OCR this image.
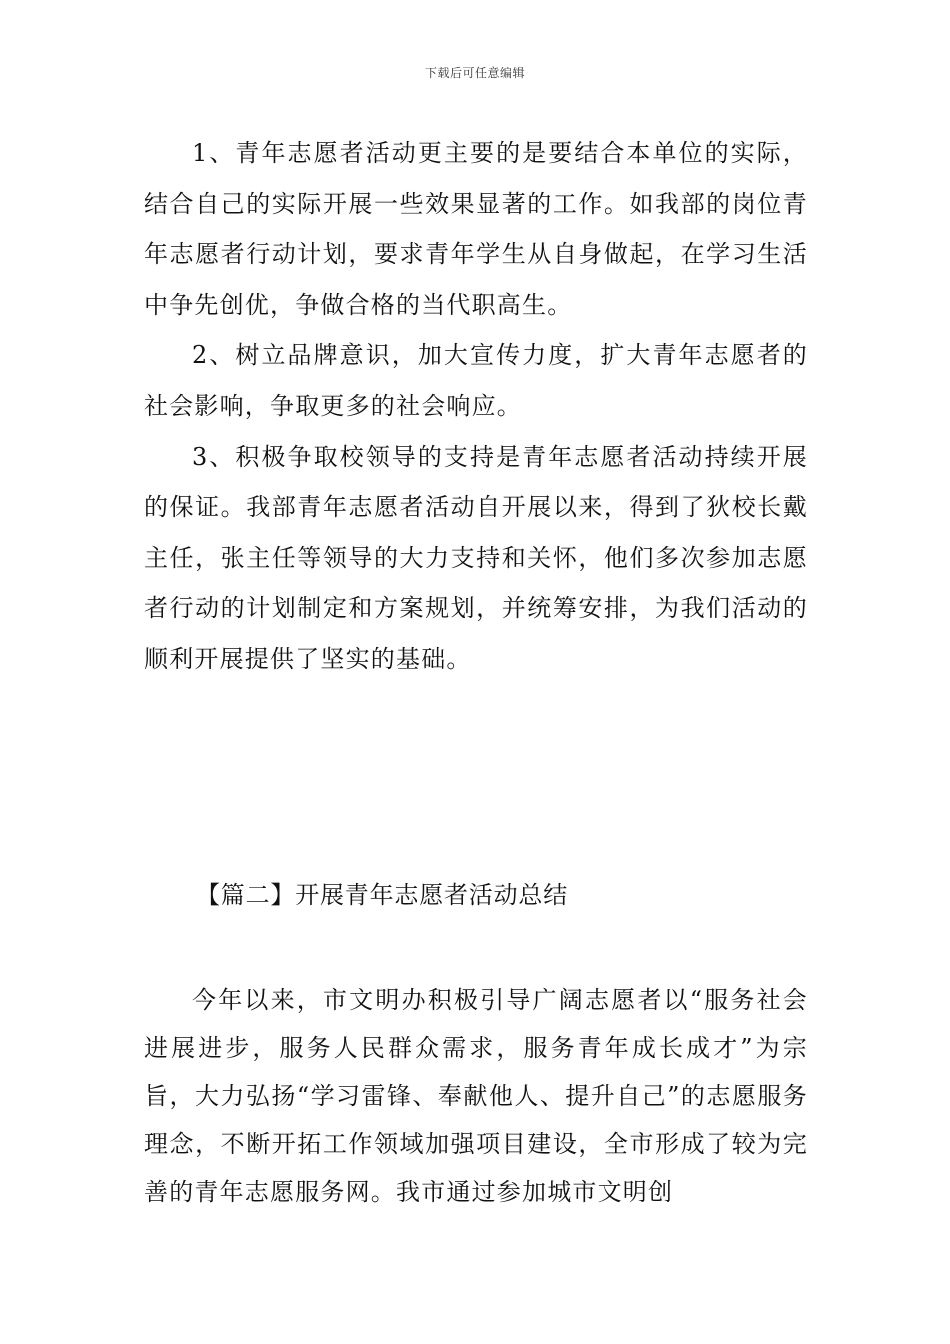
下载后可任意编辑

1、青年志愿者活动更主要的是要结合本单位的实际，结合自己的实际开展一些效果显著的工作。如我部的岗位青年志愿者行动计划，要求青年学生从自身做起，在学习生活中争先创优，争做合格的当代职高生。

2、树立品牌意识，加大宣传力度，扩大青年志愿者的社会影响，争取更多的社会响应。

3、积极争取校领导的支持是青年志愿者活动持续开展的保证。我部青年志愿者活动自开展以来，得到了狄校长戴主任，张主任等领导的大力支持和关怀，他们多次参加志愿者行动的计划制定和方案规划，并统筹安排，为我们活动的顺利开展提供了坚实的基础。

【篇二】开展青年志愿者活动总结

今年以来，市文明办积极引导广阔志愿者以“服务社会进展进步，服务人民群众需求，服务青年成长成才”为宗旨，大力弘扬“学习雷锋、奉献他人、提升自己”的志愿服务理念，不断开拓工作领域加强项目建设，全市形成了较为完善的青年志愿服务网。我市通过参加城市文明创
